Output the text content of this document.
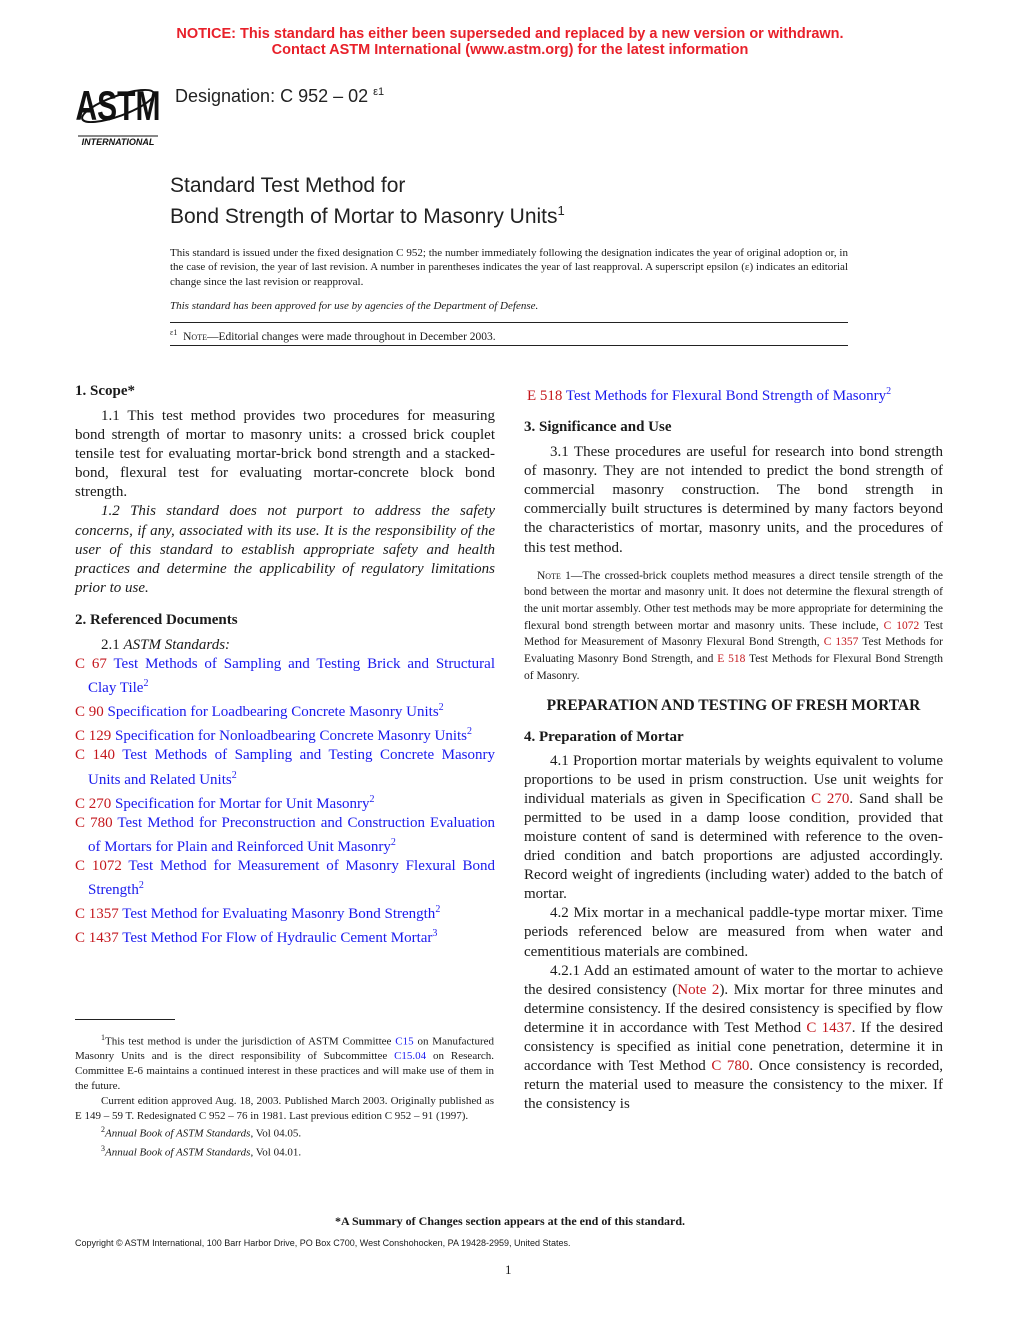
NOTICE: This standard has either been superseded and replaced by a new version or withdrawn.
Contact ASTM International (www.astm.org) for the latest information
ASTM
INTERNATIONAL
Designation: C 952 – 02 $^{\varepsilon 1}$
Standard Test Method for
Bond Strength of Mortar to Masonry Units$^1$
This standard is issued under the fixed designation C 952; the number immediately following the designation indicates the year of original adoption or, in the case of revision, the year of last revision. A number in parentheses indicates the year of last reapproval. A superscript epsilon (ε) indicates an editorial change since the last revision or reapproval.
This standard has been approved for use by agencies of the Department of Defense.
$^{\varepsilon 1}$ Note—Editorial changes were made throughout in December 2003.
1. Scope*

1.1 This test method provides two procedures for measuring bond strength of mortar to masonry units: a crossed brick couplet tensile test for evaluating mortar-brick bond strength and a stacked-bond, flexural test for evaluating mortar-concrete block bond strength.

1.2 This standard does not purport to address the safety concerns, if any, associated with its use. It is the responsibility of the user of this standard to establish appropriate safety and health practices and determine the applicability of regulatory limitations prior to use.

2. Referenced Documents

2.1 ASTM Standards:

C 67 Test Methods of Sampling and Testing Brick and Structural Clay Tile$^2$

C 90 Specification for Loadbearing Concrete Masonry Units$^2$

C 129 Specification for Nonloadbearing Concrete Masonry Units$^2$

C 140 Test Methods of Sampling and Testing Concrete Masonry Units and Related Units$^2$

C 270 Specification for Mortar for Unit Masonry$^2$

C 780 Test Method for Preconstruction and Construction Evaluation of Mortars for Plain and Reinforced Unit Masonry$^2$

C 1072 Test Method for Measurement of Masonry Flexural Bond Strength$^2$

C 1357 Test Method for Evaluating Masonry Bond Strength$^2$

C 1437 Test Method For Flow of Hydraulic Cement Mortar$^3$

$^1$This test method is under the jurisdiction of ASTM Committee C15 on Manufactured Masonry Units and is the direct responsibility of Subcommittee C15.04 on Research. Committee E-6 maintains a continued interest in these practices and will make use of them in the future.

Current edition approved Aug. 18, 2003. Published March 2003. Originally published as E 149 – 59 T. Redesignated C 952 – 76 in 1981. Last previous edition C 952 – 91 (1997).

$^2$Annual Book of ASTM Standards, Vol 04.05.

$^3$Annual Book of ASTM Standards, Vol 04.01.

E 518 Test Methods for Flexural Bond Strength of Masonry$^2$

3. Significance and Use

3.1 These procedures are useful for research into bond strength of masonry. They are not intended to predict the bond strength of commercial masonry construction. The bond strength in commercially built structures is determined by many factors beyond the characteristics of mortar, masonry units, and the procedures of this test method.

Note 1—The crossed-brick couplets method measures a direct tensile strength of the bond between the mortar and masonry unit. It does not determine the flexural strength of the unit mortar assembly. Other test methods may be more appropriate for determining the flexural bond strength between mortar and masonry units. These include, C 1072 Test Method for Measurement of Masonry Flexural Bond Strength, C 1357 Test Methods for Evaluating Masonry Bond Strength, and E 518 Test Methods for Flexural Bond Strength of Masonry.

PREPARATION AND TESTING OF FRESH MORTAR
4. Preparation of Mortar

4.1 Proportion mortar materials by weights equivalent to volume proportions to be used in prism construction. Use unit weights for individual materials as given in Specification C 270. Sand shall be permitted to be used in a damp loose condition, provided that moisture content of sand is determined with reference to the oven-dried condition and batch proportions are adjusted accordingly. Record weight of ingredients (including water) added to the batch of mortar.

4.2 Mix mortar in a mechanical paddle-type mortar mixer. Time periods referenced below are measured from when water and cementitious materials are combined.

4.2.1 Add an estimated amount of water to the mortar to achieve the desired consistency (Note 2). Mix mortar for three minutes and determine consistency. If the desired consistency is specified by flow determine it in accordance with Test Method C 1437. If the desired consistency is specified as initial cone penetration, determine it in accordance with Test Method C 780. Once consistency is recorded, return the material used to measure the consistency to the mixer. If the consistency is

*A Summary of Changes section appears at the end of this standard.
Copyright © ASTM International, 100 Barr Harbor Drive, PO Box C700, West Conshohocken, PA 19428-2959, United States.
1
